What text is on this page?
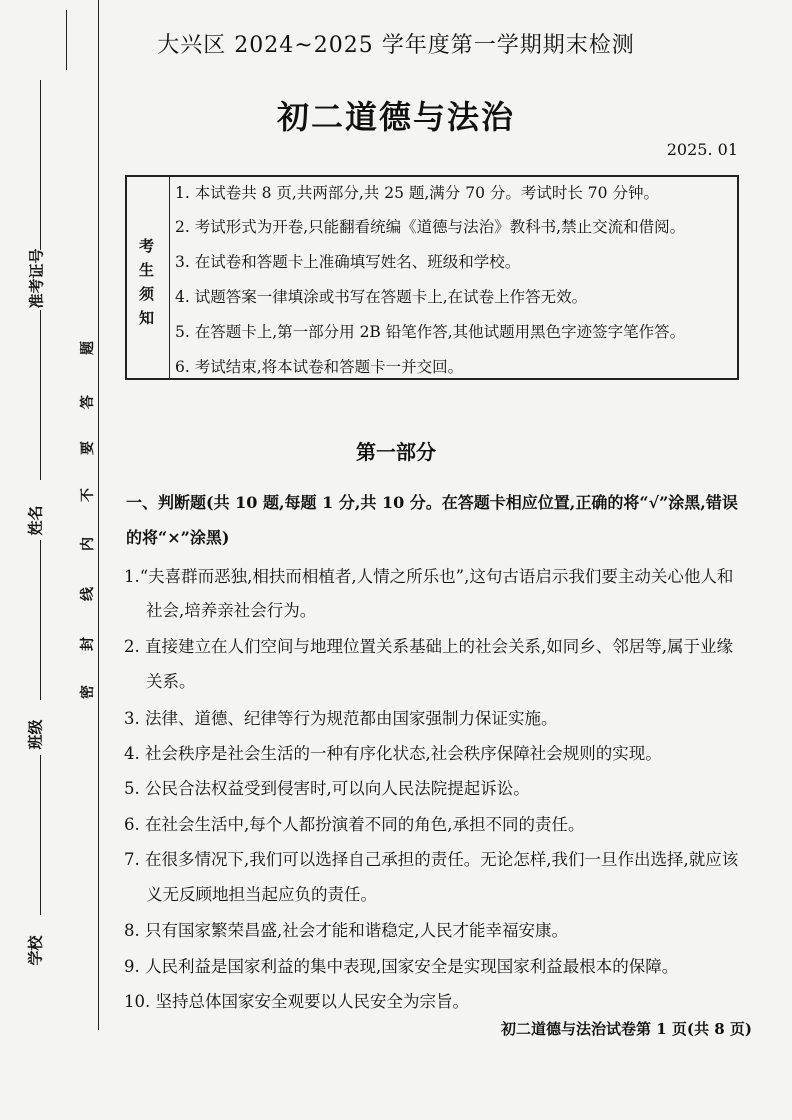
准考证号
姓名
班级
学校
题
答
要
不
内
线
封
密
大兴区 2024~2025 学年度第一学期期末检测
初二道德与法治
2025. 01
考
生
须
知
1. 本试卷共 8 页,共两部分,共 25 题,满分 70 分。考试时长 70 分钟。
2. 考试形式为开卷,只能翻看统编《道德与法治》教科书,禁止交流和借阅。
3. 在试卷和答题卡上准确填写姓名、班级和学校。
4. 试题答案一律填涂或书写在答题卡上,在试卷上作答无效。
5. 在答题卡上,第一部分用 2B 铅笔作答,其他试题用黑色字迹签字笔作答。
6. 考试结束,将本试卷和答题卡一并交回。
第一部分
一、判断题(共 10 题,每题 1 分,共 10 分。在答题卡相应位置,正确的将“√”涂黑,错误
的将“×”涂黑)
1.“夫喜群而恶独,相扶而相植者,人情之所乐也”,这句古语启示我们要主动关心他人和
社会,培养亲社会行为。
2. 直接建立在人们空间与地理位置关系基础上的社会关系,如同乡、邻居等,属于业缘
关系。
3. 法律、道德、纪律等行为规范都由国家强制力保证实施。
4. 社会秩序是社会生活的一种有序化状态,社会秩序保障社会规则的实现。
5. 公民合法权益受到侵害时,可以向人民法院提起诉讼。
6. 在社会生活中,每个人都扮演着不同的角色,承担不同的责任。
7. 在很多情况下,我们可以选择自己承担的责任。无论怎样,我们一旦作出选择,就应该
义无反顾地担当起应负的责任。
8. 只有国家繁荣昌盛,社会才能和谐稳定,人民才能幸福安康。
9. 人民利益是国家利益的集中表现,国家安全是实现国家利益最根本的保障。
10. 坚持总体国家安全观要以人民安全为宗旨。
初二道德与法治试卷第 1 页(共 8 页)
